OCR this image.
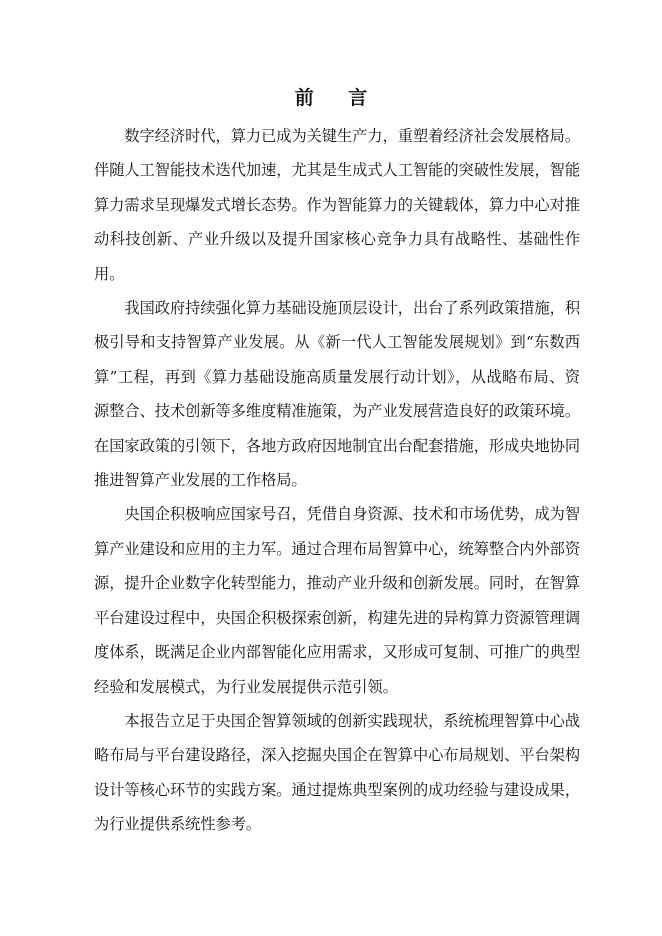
前 言

数字经济时代，算力已成为关键生产力，重塑着经济社会发展格局。伴随人工智能技术迭代加速，尤其是生成式人工智能的突破性发展，智能算力需求呈现爆发式增长态势。作为智能算力的关键载体，算力中心对推动科技创新、产业升级以及提升国家核心竞争力具有战略性、基础性作用。

我国政府持续强化算力基础设施顶层设计，出台了系列政策措施，积极引导和支持智算产业发展。从《新一代人工智能发展规划》到“东数西算”工程，再到《算力基础设施高质量发展行动计划》，从战略布局、资源整合、技术创新等多维度精准施策，为产业发展营造良好的政策环境。在国家政策的引领下，各地方政府因地制宜出台配套措施，形成央地协同推进智算产业发展的工作格局。

央国企积极响应国家号召，凭借自身资源、技术和市场优势，成为智算产业建设和应用的主力军。通过合理布局智算中心，统筹整合内外部资源，提升企业数字化转型能力，推动产业升级和创新发展。同时，在智算平台建设过程中，央国企积极探索创新，构建先进的异构算力资源管理调度体系，既满足企业内部智能化应用需求，又形成可复制、可推广的典型经验和发展模式，为行业发展提供示范引领。

本报告立足于央国企智算领域的创新实践现状，系统梳理智算中心战略布局与平台建设路径，深入挖掘央国企在智算中心布局规划、平台架构设计等核心环节的实践方案。通过提炼典型案例的成功经验与建设成果，为行业提供系统性参考。
